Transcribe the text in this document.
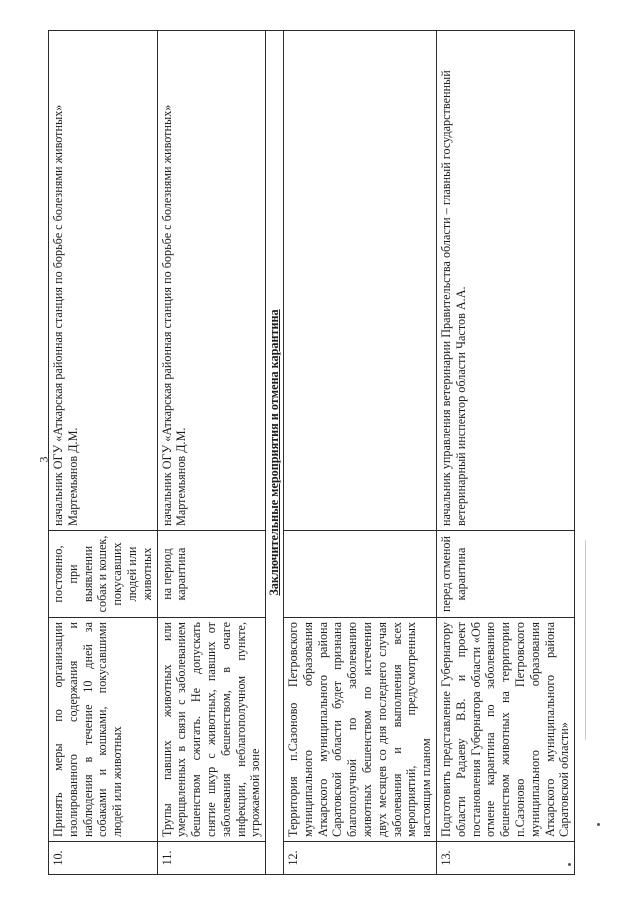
3
10.	Принять меры по организации изолированного содержания и наблюдения в течение 10 дней за собаками и кошками, покусавшими людей или животных	постоянно, при выявлении собак и кошек, покусавших людей или животных	начальник ОГУ «Аткарская районная станция по борьбе с болезнями животных» Мартемьянов Д.М.
11.	Трупы павших животных или умерщвленных в связи с заболеванием бешенством сжигать. Не допускать снятие шкур с животных, павших от заболевания бешенством, в очаге инфекции, неблагополучном пункте, угрожаемой зоне	на период карантина	начальник ОГУ «Аткарская районная станция по борьбе с болезнями животных» Мартемьянов Д.М.
Заключительные мероприятия и отмена карантина			
12.	Территория п.Сазоново Петровского муниципального образования Аткарского муниципального района Саратовской области будет признана благополучной по заболеванию животных бешенством по истечении двух месяцев со дня последнего случая заболевания и выполнения всех мероприятий, предусмотренных настоящим планом		
13.	Подготовить представление Губернатору области Радаеву В.В. и проект постановления Губернатора области «Об отмене карантина по заболеванию бешенством животных на территории п.Сазоново Петровского муниципального образования Аткарского муниципального района Саратовской области»	перед отменой карантина	начальник управления ветеринарии Правительства области – главный государственный ветеринарный инспектор области Частов А.А.
